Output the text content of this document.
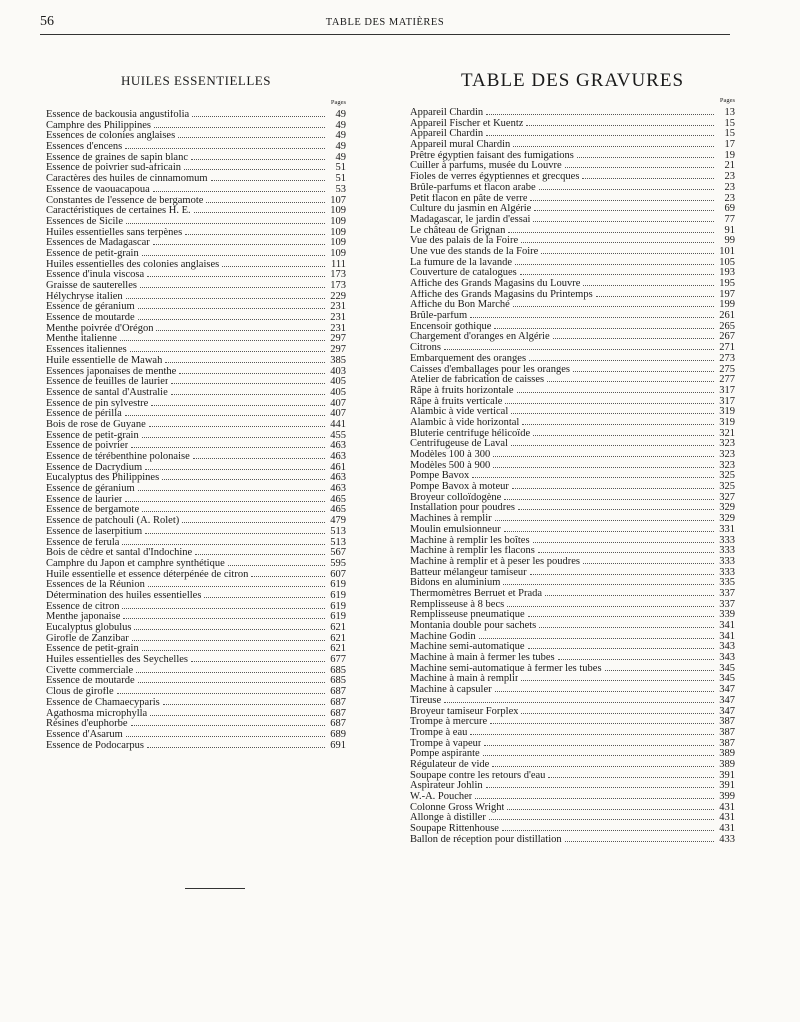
56	TABLE DES MATIÈRES
HUILES ESSENTIELLES
Pages
Essence de backousia angustifolia	49
Camphre des Philippines	49
Essences de colonies anglaises	49
Essences d'encens	49
Essence de graines de sapin blanc	49
Essence de poivrier sud-africain	51
Caractères des huiles de cinnamomum	51
Essence de vaouacapoua	53
Constantes de l'essence de bergamote	107
Caractéristiques de certaines H. E.	109
Essences de Sicile	109
Huiles essentielles sans terpènes	109
Essences de Madagascar	109
Essence de petit-grain	109
Huiles essentielles des colonies anglaises	111
Essence d'inula viscosa	173
Graisse de sauterelles	173
Hélychryse italien	229
Essence de géranium	231
Essence de moutarde	231
Menthe poivrée d'Orégon	231
Menthe italienne	297
Essences italiennes	297
Huile essentielle de Mawah	385
Essences japonaises de menthe	403
Essence de feuilles de laurier	405
Essence de santal d'Australie	405
Essence de pin sylvestre	407
Essence de périlla	407
Bois de rose de Guyane	441
Essence de petit-grain	455
Essence de poivrier	463
Essence de térébenthine polonaise	463
Essence de Dacrydium	461
Eucalyptus des Philippines	463
Essence de géranium	463
Essence de laurier	465
Essence de bergamote	465
Essence de patchouli (A. Rolet)	479
Essence de laserpitium	513
Essence de ferula	513
Bois de cèdre et santal d'Indochine	567
Camphre du Japon et camphre synthétique	595
Huile essentielle et essence déterpénée de citron	607
Essences de la Réunion	619
Détermination des huiles essentielles	619
Essence de citron	619
Menthe japonaise	619
Eucalyptus globulus	621
Girofle de Zanzibar	621
Essence de petit-grain	621
Huiles essentielles des Seychelles	677
Civette commerciale	685
Essence de moutarde	685
Clous de girofle	687
Essence de Chamaecyparis	687
Agathosma microphylla	687
Résines d'euphorbe	687
Essence d'Asarum	689
Essence de Podocarpus	691
TABLE DES GRAVURES
Pages
Appareil Chardin	13
Appareil Fischer et Kuentz	15
Appareil Chardin	15
Appareil mural Chardin	17
Prêtre égyptien faisant des fumigations	19
Cuiller à parfums, musée du Louvre	21
Fioles de verres égyptiennes et grecques	23
Brûle-parfums et flacon arabe	23
Petit flacon en pâte de verre	23
Culture du jasmin en Algérie	69
Madagascar, le jardin d'essai	77
Le château de Grignan	91
Vue des palais de la Foire	99
Une vue des stands de la Foire	101
La fumure de la lavande	105
Couverture de catalogues	193
Affiche des Grands Magasins du Louvre	195
Affiche des Grands Magasins du Printemps	197
Affiche du Bon Marché	199
Brûle-parfum	261
Encensoir gothique	265
Chargement d'oranges en Algérie	267
Citrons	271
Embarquement des oranges	273
Caisses d'emballages pour les oranges	275
Atelier de fabrication de caisses	277
Râpe à fruits horizontale	317
Râpe à fruits verticale	317
Alambic à vide vertical	319
Alambic à vide horizontal	319
Bluterie centrifuge hélicoïde	321
Centrifugeuse de Laval	323
Modèles 100 à 300	323
Modèles 500 à 900	323
Pompe Bavox	325
Pompe Bavox à moteur	325
Broyeur colloïdogène	327
Installation pour poudres	329
Machines à remplir	329
Moulin emulsionneur	331
Machine à remplir les boîtes	333
Machine à remplir les flacons	333
Machine à remplir et à peser les poudres	333
Batteur mélangeur tamiseur	333
Bidons en aluminium	335
Thermomètres Berruet et Prada	337
Remplisseuse à 8 becs	337
Remplisseuse pneumatique	339
Montania double pour sachets	341
Machine Godin	341
Machine semi-automatique	343
Machine à main à fermer les tubes	343
Machine semi-automatique à fermer les tubes	345
Machine à main à remplir	345
Machine à capsuler	347
Tireuse	347
Broyeur tamiseur Forplex	347
Trompe à mercure	387
Trompe à eau	387
Trompe à vapeur	387
Pompe aspirante	389
Régulateur de vide	389
Soupape contre les retours d'eau	391
Aspirateur Johlin	391
W.-A. Poucher	399
Colonne Gross Wright	431
Allonge à distiller	431
Soupape Rittenhouse	431
Ballon de réception pour distillation	433
